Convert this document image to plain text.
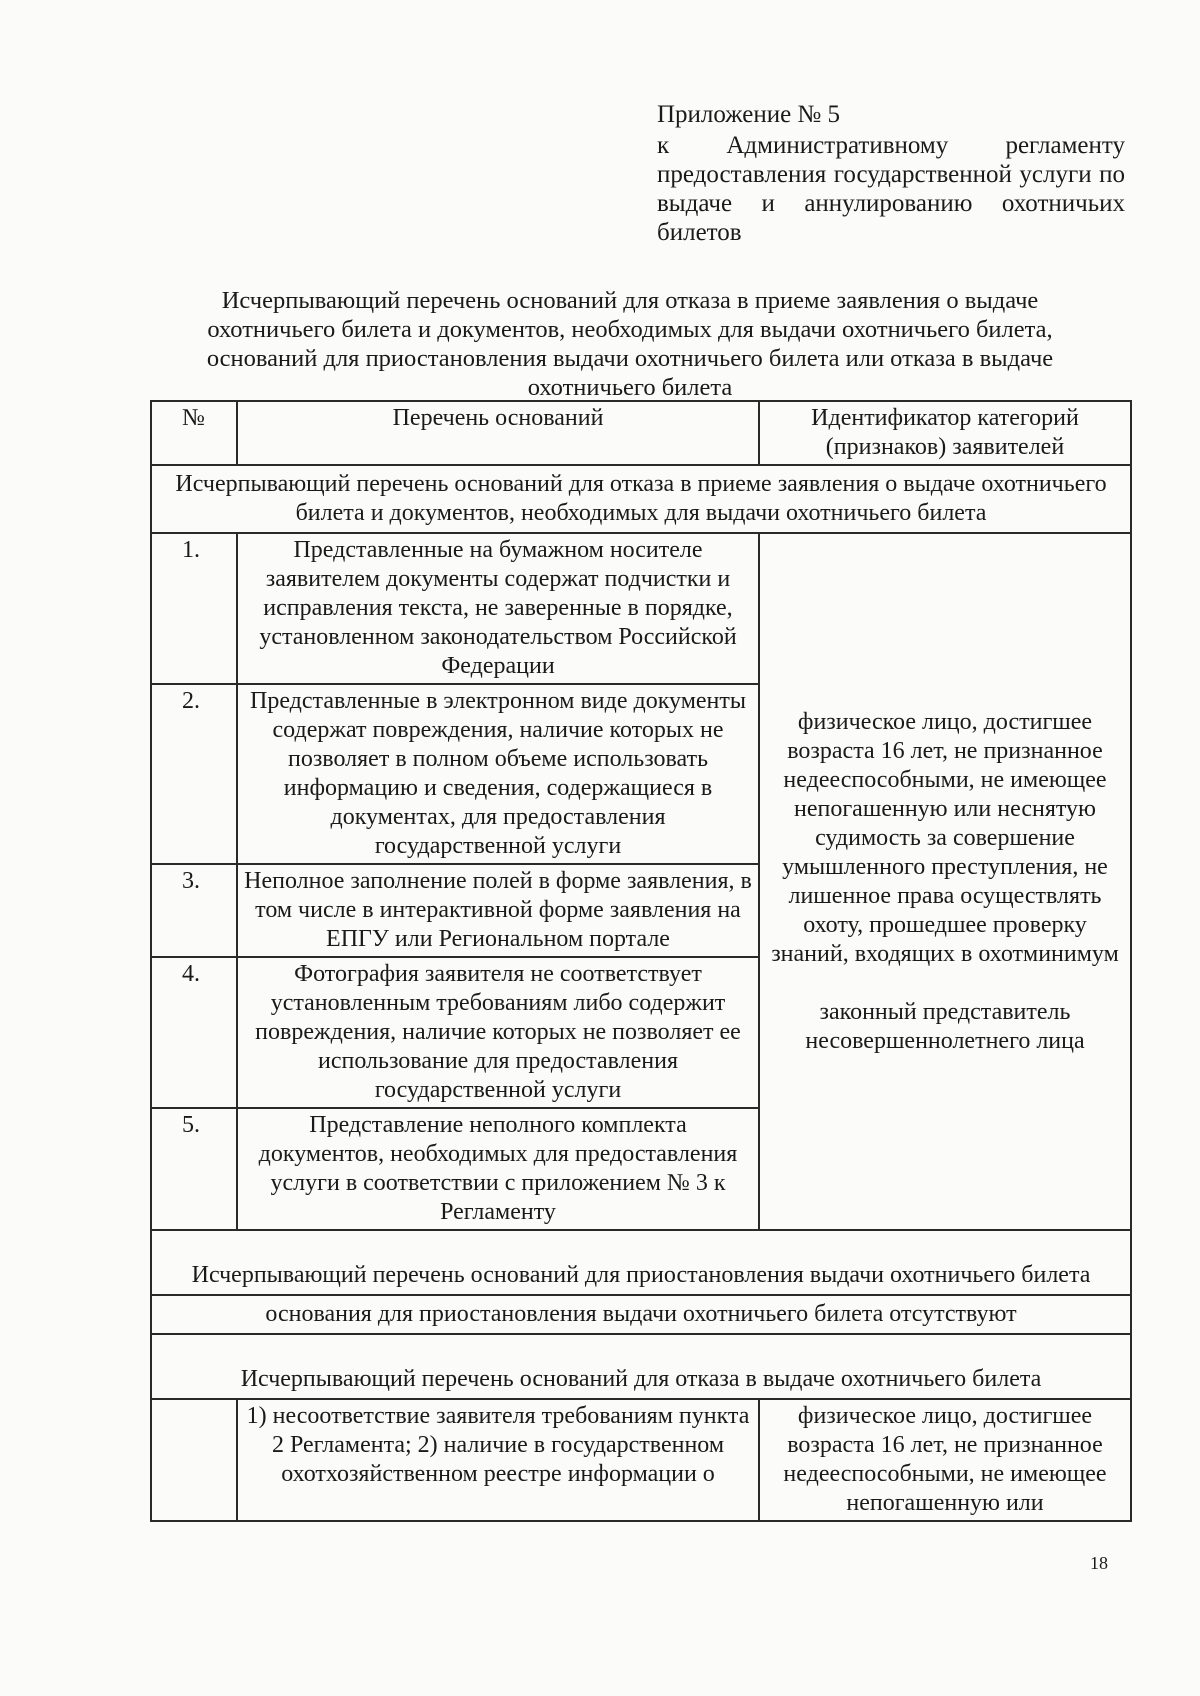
Приложение № 5
к Административному регламенту предоставления государственной услуги по выдаче и аннулированию охотничьих билетов
Исчерпывающий перечень оснований для отказа в приеме заявления о выдаче охотничьего билета и документов, необходимых для выдачи охотничьего билета, оснований для приостановления выдачи охотничьего билета или отказа в выдаче охотничьего билета
№	Перечень оснований	Идентификатор категорий (признаков) заявителей
Исчерпывающий перечень оснований для отказа в приеме заявления о выдаче охотничьего билета и документов, необходимых для выдачи охотничьего билета		
1.	Представленные на бумажном носителе заявителем документы содержат подчистки и исправления текста, не заверенные в порядке, установленном законодательством Российской Федерации	физическое лицо, достигшее возраста 16 лет, не признанное недееспособными, не имеющее непогашенную или неснятую судимость за совершение умышленного преступления, не лишенное права осуществлять охоту, прошедшее проверку знаний, входящих в охотминимум
законный представитель несовершеннолетнего лица

2.	Представленные в электронном виде документы содержат повреждения, наличие которых не позволяет в полном объеме использовать информацию и сведения, содержащиеся в документах, для предоставления государственной услуги	
3.	Неполное заполнение полей в форме заявления, в том числе в интерактивной форме заявления на ЕПГУ или Региональном портале	
4.	Фотография заявителя не соответствует установленным требованиям либо содержит повреждения, наличие которых не позволяет ее использование для предоставления государственной услуги	
5.	Представление неполного комплекта документов, необходимых для предоставления услуги в соответствии с приложением № 3 к Регламенту	
Исчерпывающий перечень оснований для приостановления выдачи охотничьего билета		
основания для приостановления выдачи охотничьего билета отсутствуют		
Исчерпывающий перечень оснований для отказа в выдаче охотничьего билета		
	1) несоответствие заявителя требованиям пункта 2 Регламента; 2) наличие в государственном охотхозяйственном реестре информации о	физическое лицо, достигшее возраста 16 лет, не признанное недееспособными, не имеющее непогашенную или
18
